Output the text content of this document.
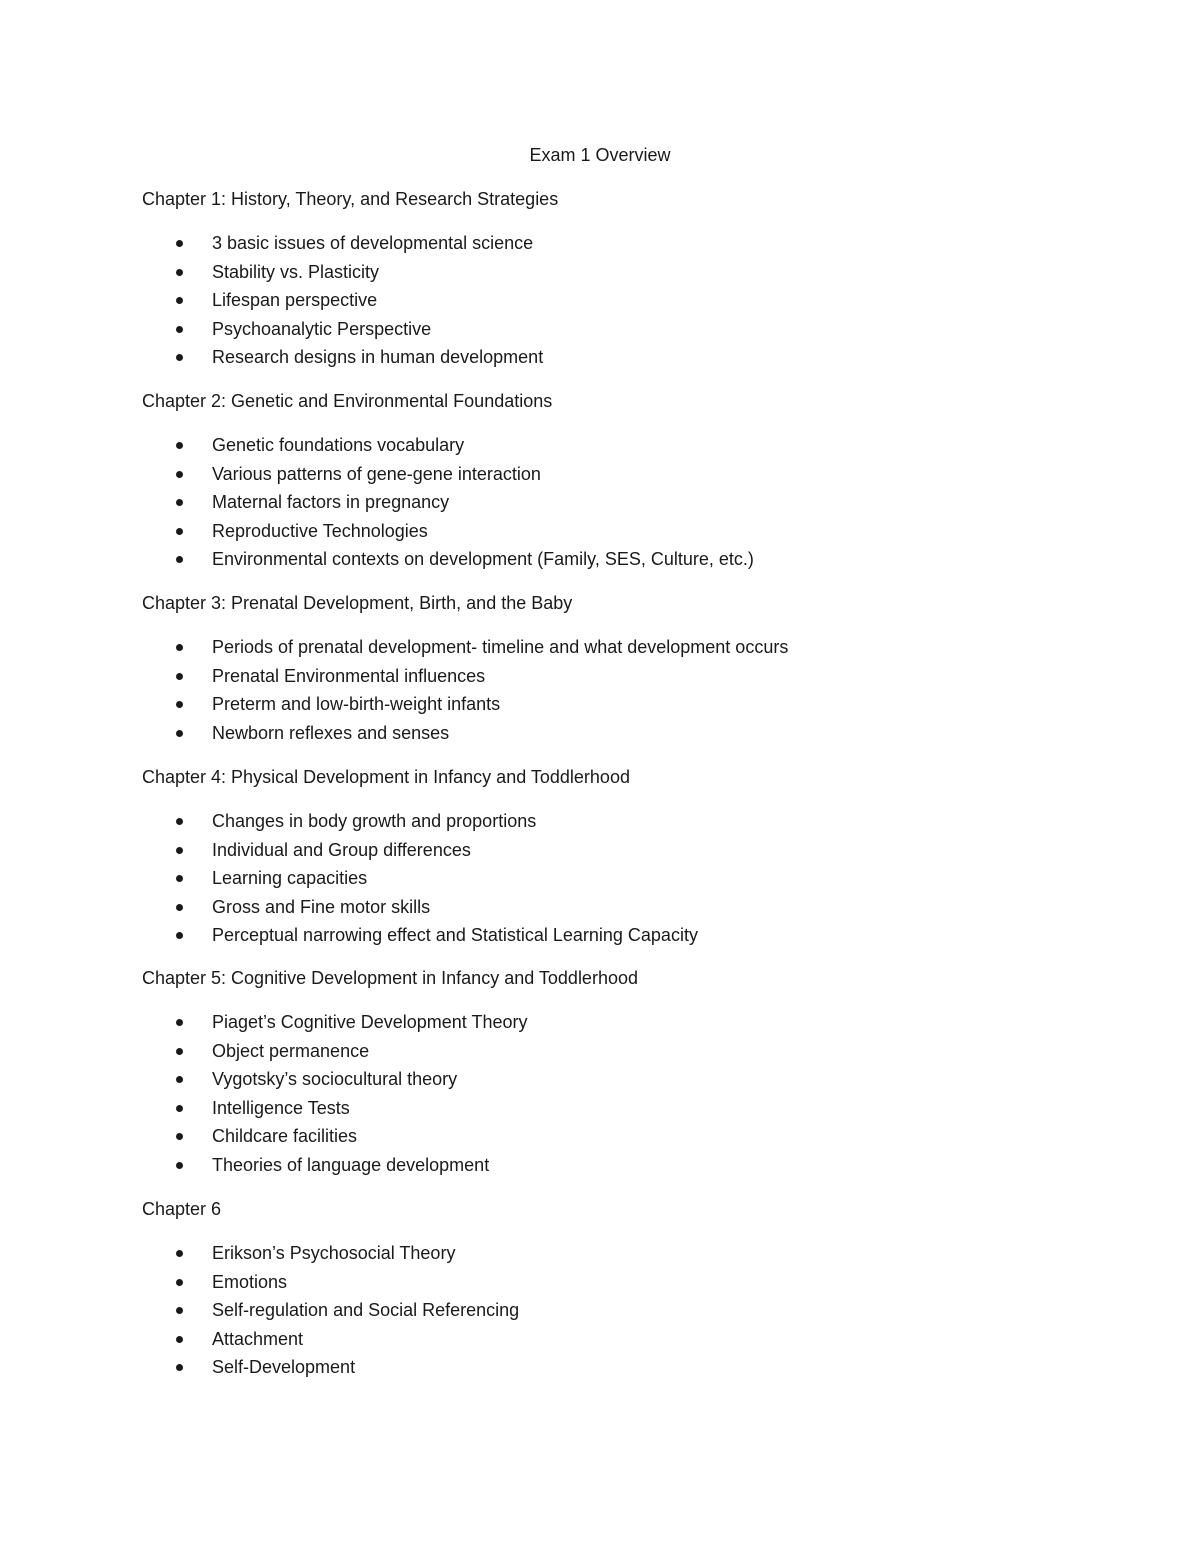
Exam 1 Overview
Chapter 1: History, Theory, and Research Strategies
3 basic issues of developmental science
Stability vs. Plasticity
Lifespan perspective
Psychoanalytic Perspective
Research designs in human development
Chapter 2: Genetic and Environmental Foundations
Genetic foundations vocabulary
Various patterns of gene-gene interaction
Maternal factors in pregnancy
Reproductive Technologies
Environmental contexts on development (Family, SES, Culture, etc.)
Chapter 3: Prenatal Development, Birth, and the Baby
Periods of prenatal development- timeline and what development occurs
Prenatal Environmental influences
Preterm and low-birth-weight infants
Newborn reflexes and senses
Chapter 4: Physical Development in Infancy and Toddlerhood
Changes in body growth and proportions
Individual and Group differences
Learning capacities
Gross and Fine motor skills
Perceptual narrowing effect and Statistical Learning Capacity
Chapter 5: Cognitive Development in Infancy and Toddlerhood
Piaget’s Cognitive Development Theory
Object permanence
Vygotsky’s sociocultural theory
Intelligence Tests
Childcare facilities
Theories of language development
Chapter 6
Erikson’s Psychosocial Theory
Emotions
Self-regulation and Social Referencing
Attachment
Self-Development
